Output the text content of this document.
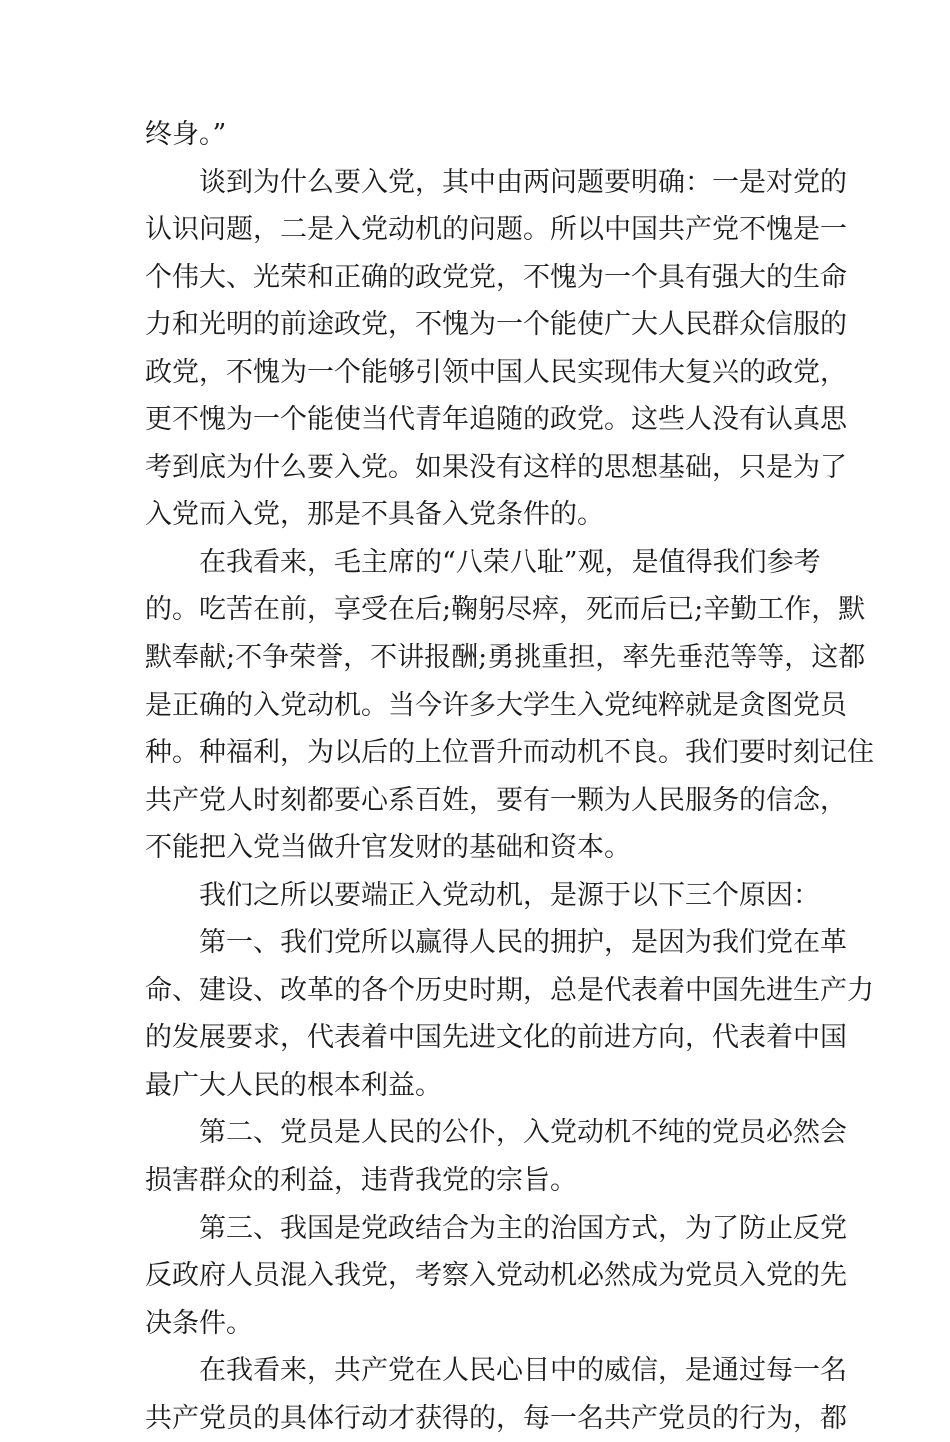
终身。”
谈到为什么要入党，其中由两问题要明确：一是对党的
认识问题，二是入党动机的问题。所以中国共产党不愧是一
个伟大、光荣和正确的政党党，不愧为一个具有强大的生命
力和光明的前途政党，不愧为一个能使广大人民群众信服的
政党，不愧为一个能够引领中国人民实现伟大复兴的政党，
更不愧为一个能使当代青年追随的政党。这些人没有认真思
考到底为什么要入党。如果没有这样的思想基础，只是为了
入党而入党，那是不具备入党条件的。
在我看来，毛主席的“八荣八耻”观，是值得我们参考
的。吃苦在前，享受在后;鞠躬尽瘁，死而后已;辛勤工作，默
默奉献;不争荣誉，不讲报酬;勇挑重担，率先垂范等等，这都
是正确的入党动机。当今许多大学生入党纯粹就是贪图党员
种。种福利，为以后的上位晋升而动机不良。我们要时刻记住
共产党人时刻都要心系百姓，要有一颗为人民服务的信念，
不能把入党当做升官发财的基础和资本。
我们之所以要端正入党动机，是源于以下三个原因：
第一、我们党所以赢得人民的拥护，是因为我们党在革
命、建设、改革的各个历史时期，总是代表着中国先进生产力
的发展要求，代表着中国先进文化的前进方向，代表着中国
最广大人民的根本利益。
第二、党员是人民的公仆，入党动机不纯的党员必然会
损害群众的利益，违背我党的宗旨。
第三、我国是党政结合为主的治国方式，为了防止反党
反政府人员混入我党，考察入党动机必然成为党员入党的先
决条件。
在我看来，共产党在人民心目中的威信，是通过每一名
共产党员的具体行动才获得的，每一名共产党员的行为，都
